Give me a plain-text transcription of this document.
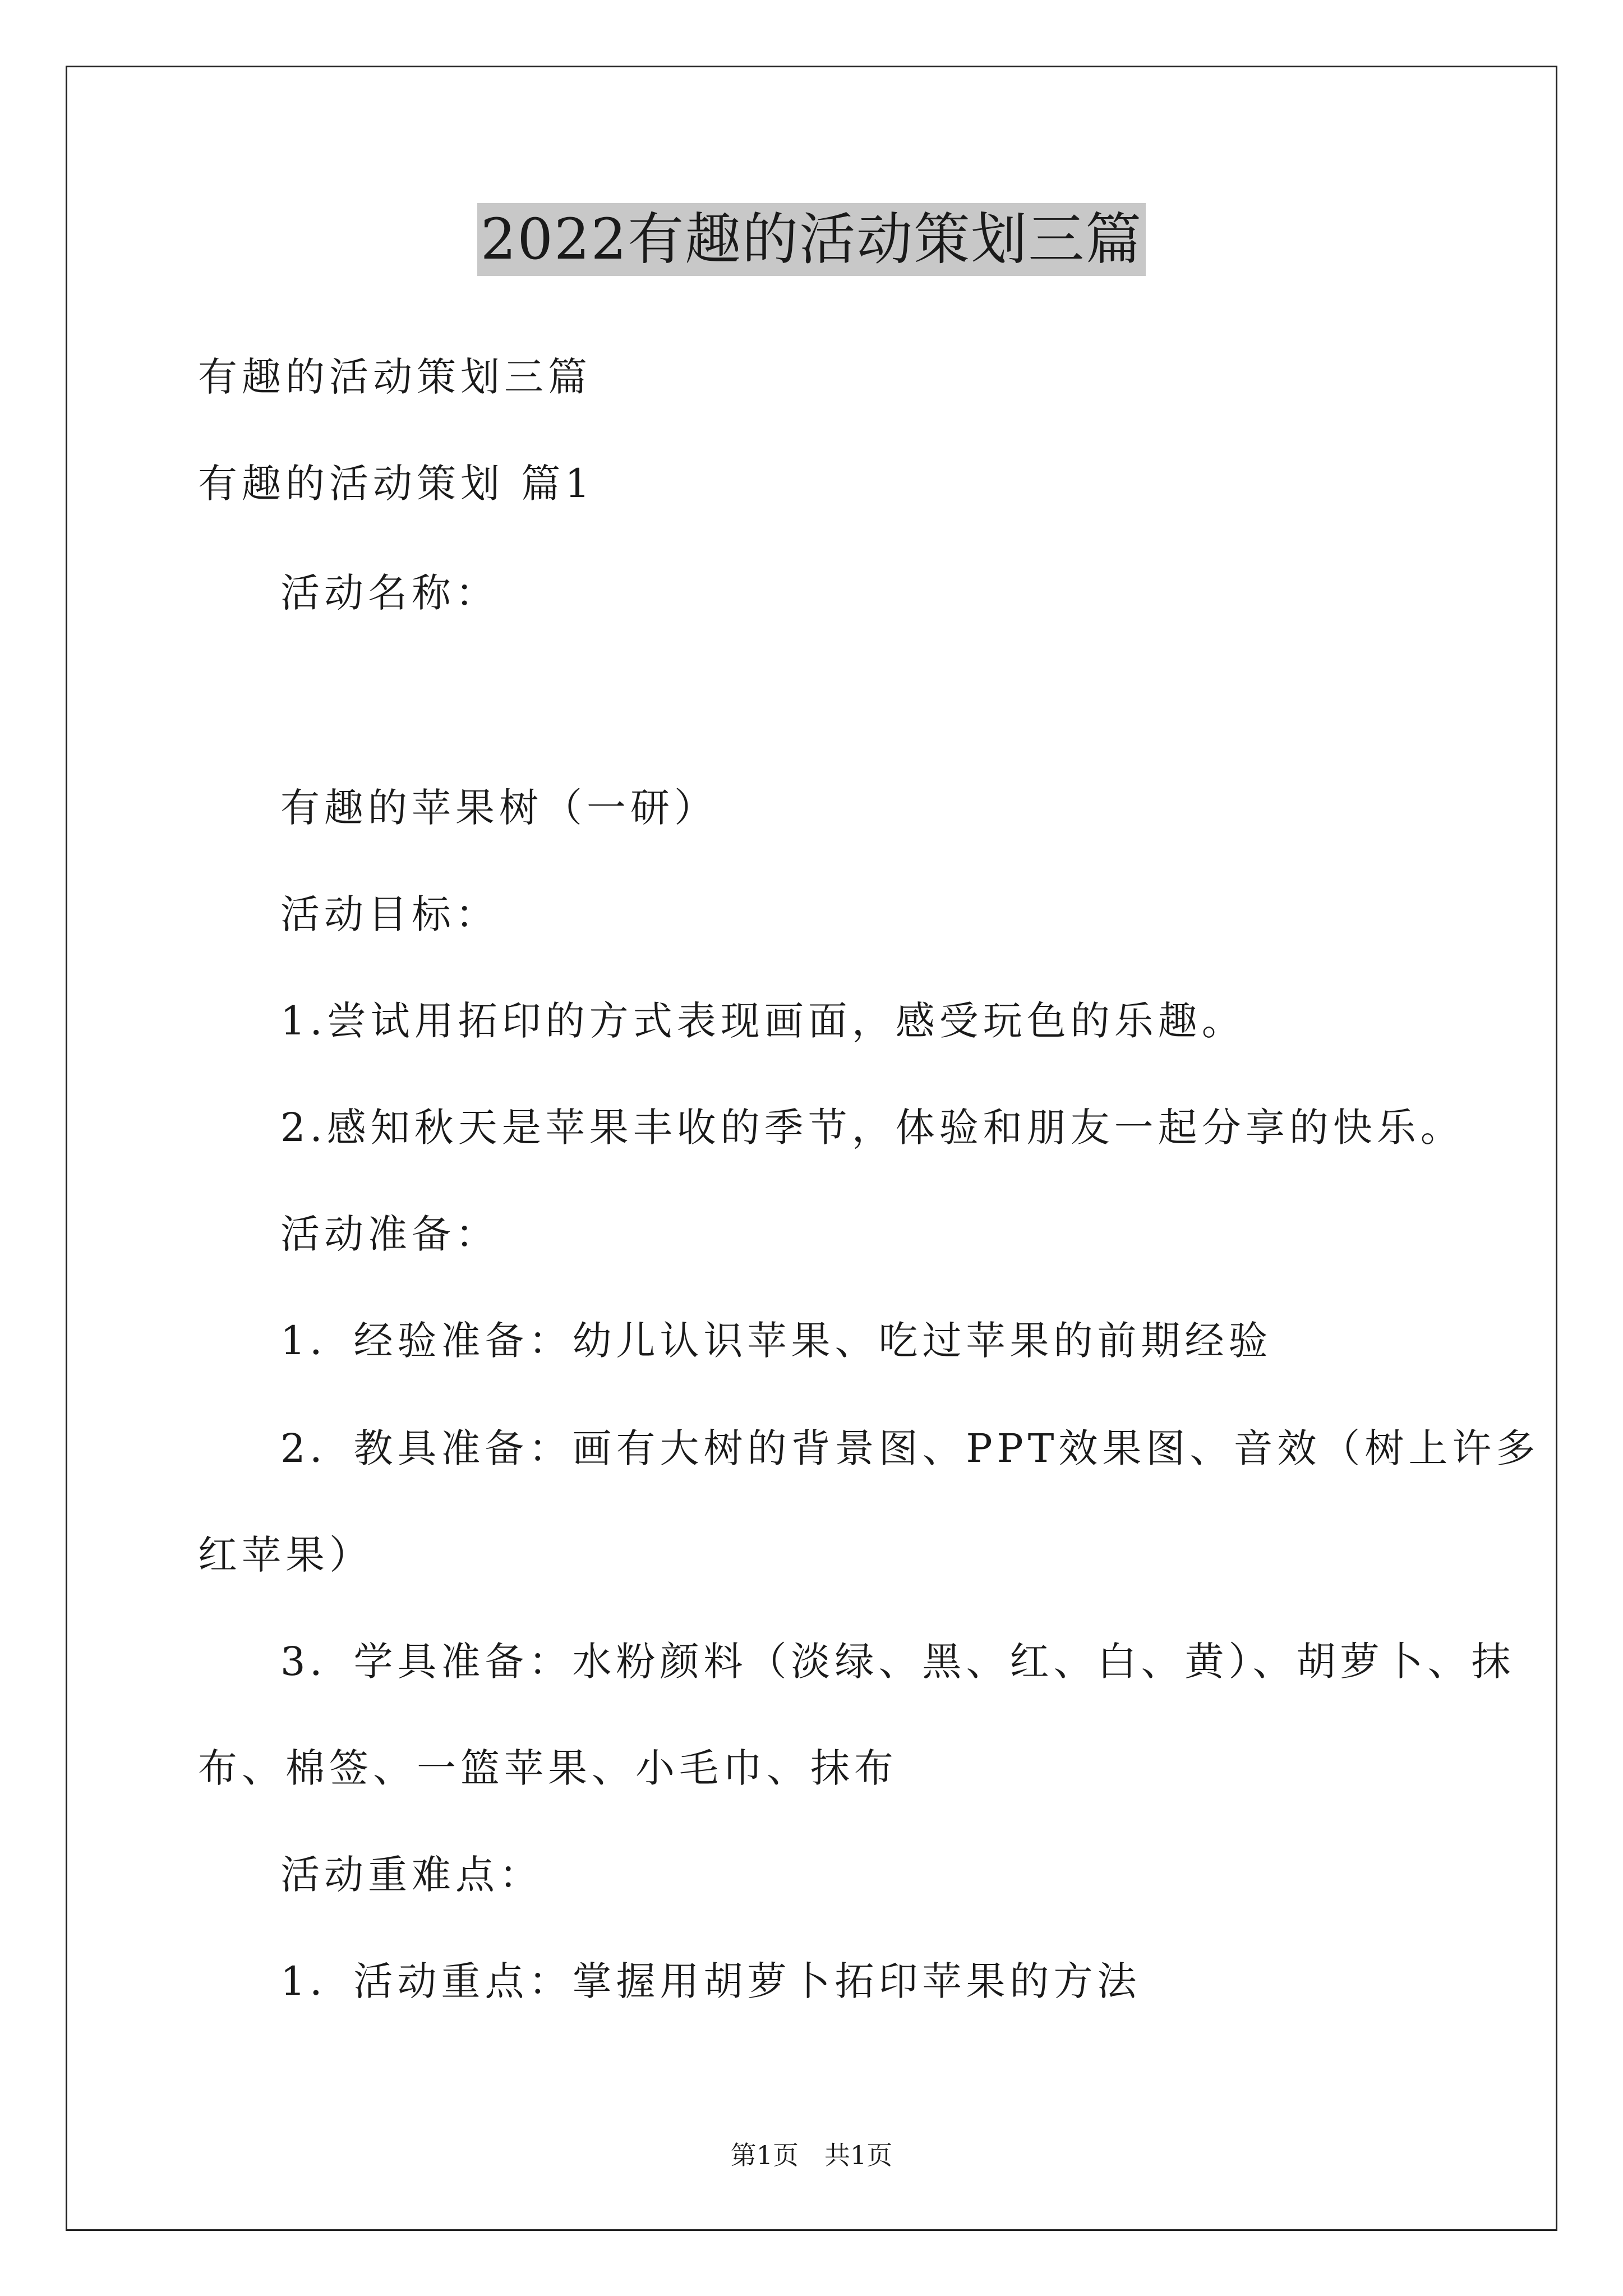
2022有趣的活动策划三篇
有趣的活动策划三篇
有趣的活动策划 篇1
活动名称：
有趣的苹果树（一研）
活动目标：
1.尝试用拓印的方式表现画面，感受玩色的乐趣。
2.感知秋天是苹果丰收的季节，体验和朋友一起分享的快乐。
活动准备：
1．经验准备：幼儿认识苹果、吃过苹果的前期经验
2．教具准备：画有大树的背景图、PPT效果图、音效（树上许多
红苹果）
3．学具准备：水粉颜料（淡绿、黑、红、白、黄）、胡萝卜、抹
布、棉签、一篮苹果、小毛巾、抹布
活动重难点：
1．活动重点：掌握用胡萝卜拓印苹果的方法
第1页　共1页
